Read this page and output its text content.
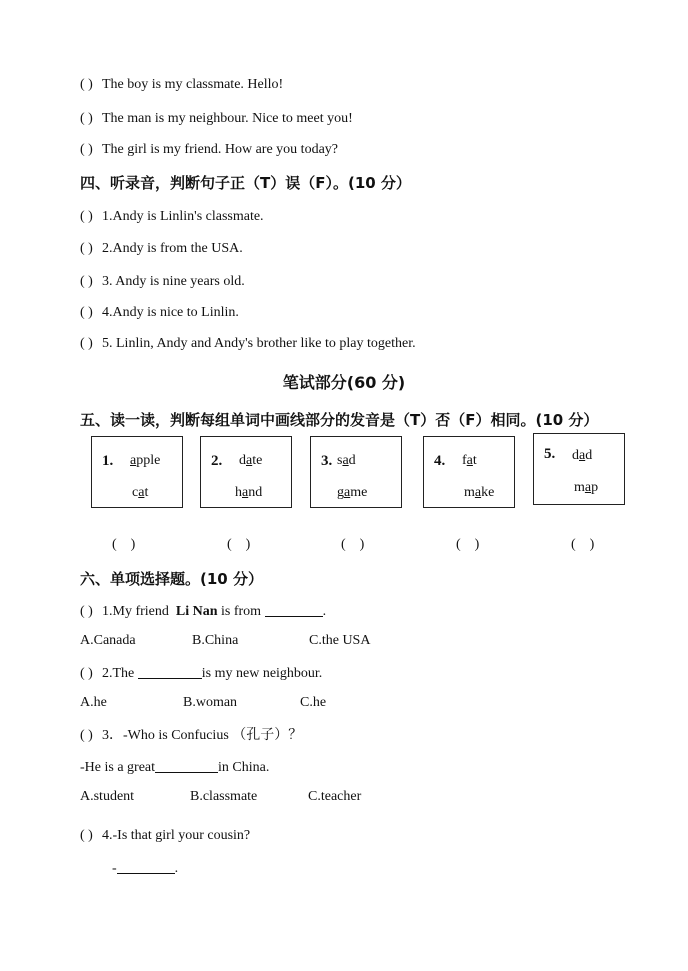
( ) The boy is my classmate. Hello!
( ) The man is my neighbour. Nice to meet you!
( ) The girl is my friend. How are you today?
四、听录音，判断句子正（T）误（F）。(10 分）
( ) 1.Andy is Linlin's classmate.
( ) 2.Andy is from the USA.
( ) 3. Andy is nine years old.
( ) 4.Andy is nice to Linlin.
( ) 5. Linlin, Andy and Andy's brother like to play together.
笔试部分(60 分)
五、读一读，判断每组单词中画线部分的发音是（T）否（F）相同。(10 分）
1. apple
cat
2. date
hand
3. sad
game
4. fat
make
5. dad
map
(    )	(    )	(    )	(    )	(    )
六、单项选择题。(10 分）
( ) 1.My friend  Li Nan is from	.
A.Canada	B.China	C.the USA
( ) 2.The	is my new neighbour.
A.he	B.woman	C.he
( ) 3．-Who is Confucius （孔子）？
-He is a great	in China.
A.student	B.classmate	C.teacher
( ) 4.-Is that girl your cousin?
-	.
